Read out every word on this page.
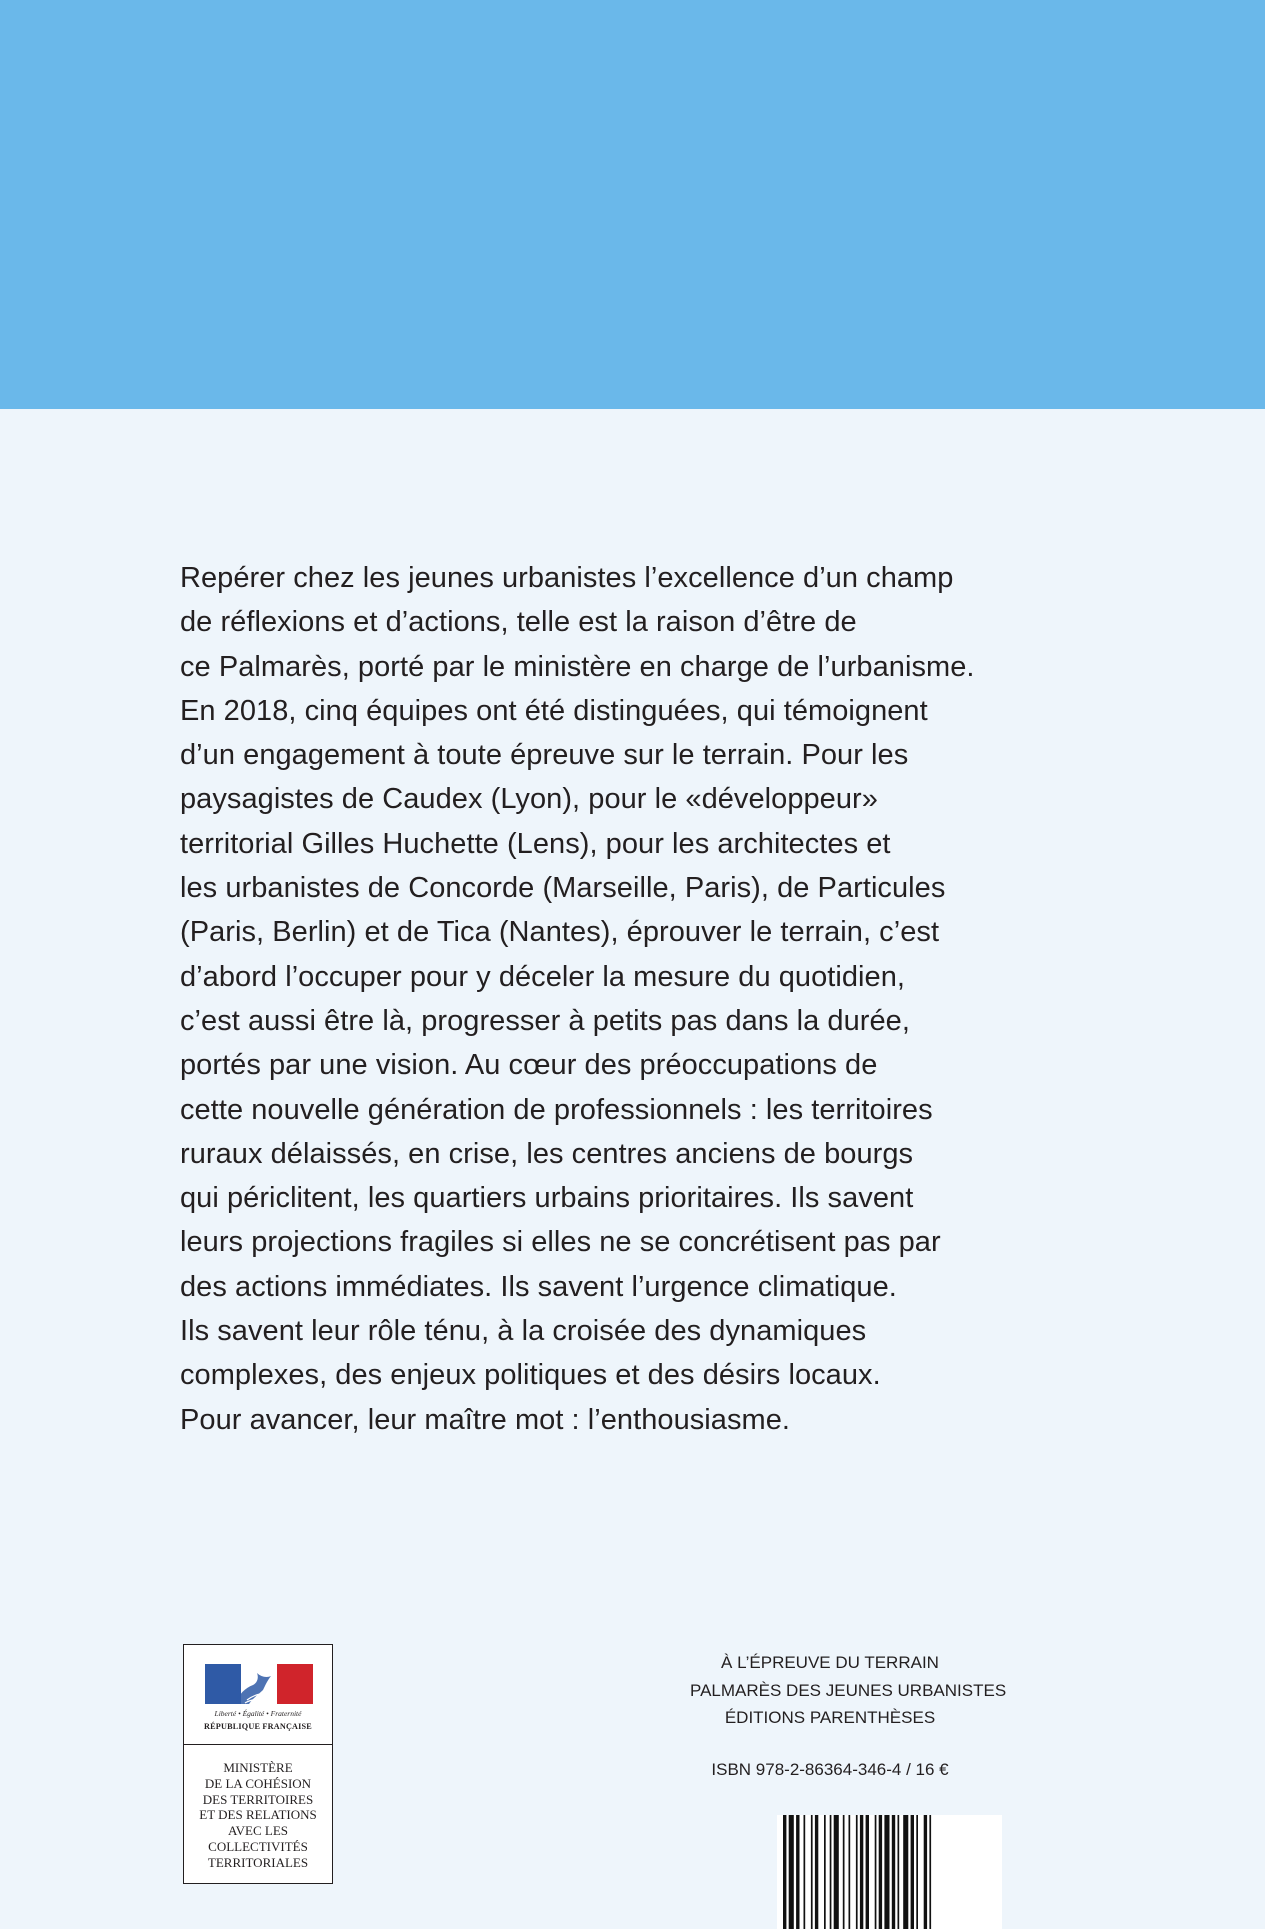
Repérer chez les jeunes urbanistes l’excellence d’un champ
de réflexions et d’actions, telle est la raison d’être de
ce Palmarès, porté par le ministère en charge de l’urbanisme.
En 2018, cinq équipes ont été distinguées, qui témoignent
d’un engagement à toute épreuve sur le terrain. Pour les
paysagistes de Caudex (Lyon), pour le «développeur»
territorial Gilles Huchette (Lens), pour les architectes et
les urbanistes de Concorde (Marseille, Paris), de Particules
(Paris, Berlin) et de Tica (Nantes), éprouver le terrain, c’est
d’abord l’occuper pour y déceler la mesure du quotidien,
c’est aussi être là, progresser à petits pas dans la durée,
portés par une vision. Au cœur des préoccupations de
cette nouvelle génération de professionnels : les territoires
ruraux délaissés, en crise, les centres anciens de bourgs
qui périclitent, les quartiers urbains prioritaires. Ils savent
leurs projections fragiles si elles ne se concrétisent pas par
des actions immédiates. Ils savent l’urgence climatique.
Ils savent leur rôle ténu, à la croisée des dynamiques
complexes, des enjeux politiques et des désirs locaux.
Pour avancer, leur maître mot : l’enthousiasme.
Liberté • Égalité • Fraternité
RÉPUBLIQUE FRANÇAISE
MINISTÈRE
DE LA COHÉSION
DES TERRITOIRES
ET DES RELATIONS
AVEC LES
COLLECTIVITÉS
TERRITORIALES
À L’ÉPREUVE DU TERRAIN
PALMARÈS DES JEUNES URBANISTES
ÉDITIONS PARENTHÈSES
ISBN 978-2-86364-346-4 / 16 €
